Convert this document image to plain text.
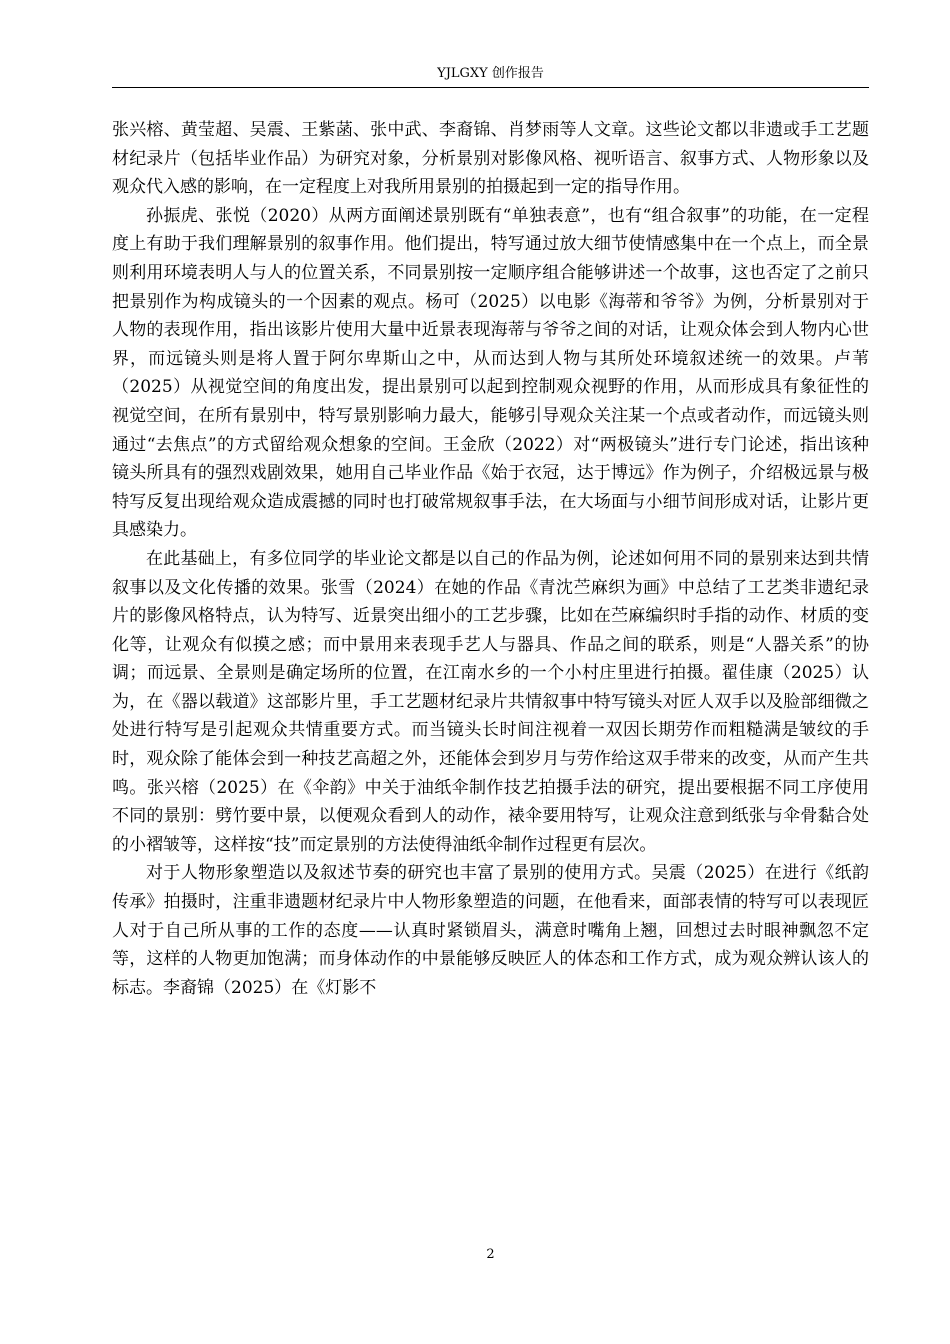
YJLGXY 创作报告

张兴榕、黄莹超、吴震、王紫菡、张中武、李裔锦、肖梦雨等人文章。这些论文都以非遗或手工艺题材纪录片（包括毕业作品）为研究对象，分析景别对影像风格、视听语言、叙事方式、人物形象以及观众代入感的影响，在一定程度上对我所用景别的拍摄起到一定的指导作用。

孙振虎、张悦（2020）从两方面阐述景别既有“单独表意”，也有“组合叙事”的功能，在一定程度上有助于我们理解景别的叙事作用。他们提出，特写通过放大细节使情感集中在一个点上，而全景则利用环境表明人与人的位置关系，不同景别按一定顺序组合能够讲述一个故事，这也否定了之前只把景别作为构成镜头的一个因素的观点。杨可（2025）以电影《海蒂和爷爷》为例，分析景别对于人物的表现作用，指出该影片使用大量中近景表现海蒂与爷爷之间的对话，让观众体会到人物内心世界，而远镜头则是将人置于阿尔卑斯山之中，从而达到人物与其所处环境叙述统一的效果。卢苇（2025）从视觉空间的角度出发，提出景别可以起到控制观众视野的作用，从而形成具有象征性的视觉空间，在所有景别中，特写景别影响力最大，能够引导观众关注某一个点或者动作，而远镜头则通过“去焦点”的方式留给观众想象的空间。王金欣（2022）对“两极镜头”进行专门论述，指出该种镜头所具有的强烈戏剧效果，她用自己毕业作品《始于衣冠，达于博远》作为例子，介绍极远景与极特写反复出现给观众造成震撼的同时也打破常规叙事手法，在大场面与小细节间形成对话，让影片更具感染力。

在此基础上，有多位同学的毕业论文都是以自己的作品为例，论述如何用不同的景别来达到共情叙事以及文化传播的效果。张雪（2024）在她的作品《青沈苎麻织为画》中总结了工艺类非遗纪录片的影像风格特点，认为特写、近景突出细小的工艺步骤，比如在苎麻编织时手指的动作、材质的变化等，让观众有似摸之感；而中景用来表现手艺人与器具、作品之间的联系，则是“人器关系”的协调；而远景、全景则是确定场所的位置，在江南水乡的一个小村庄里进行拍摄。翟佳康（2025）认为，在《器以载道》这部影片里，手工艺题材纪录片共情叙事中特写镜头对匠人双手以及脸部细微之处进行特写是引起观众共情重要方式。而当镜头长时间注视着一双因长期劳作而粗糙满是皱纹的手时，观众除了能体会到一种技艺高超之外，还能体会到岁月与劳作给这双手带来的改变，从而产生共鸣。张兴榕（2025）在《伞韵》中关于油纸伞制作技艺拍摄手法的研究，提出要根据不同工序使用不同的景别：劈竹要中景，以便观众看到人的动作，裱伞要用特写，让观众注意到纸张与伞骨黏合处的小褶皱等，这样按“技”而定景别的方法使得油纸伞制作过程更有层次。

对于人物形象塑造以及叙述节奏的研究也丰富了景别的使用方式。吴震（2025）在进行《纸韵传承》拍摄时，注重非遗题材纪录片中人物形象塑造的问题，在他看来，面部表情的特写可以表现匠人对于自己所从事的工作的态度——认真时紧锁眉头，满意时嘴角上翘，回想过去时眼神飘忽不定等，这样的人物更加饱满；而身体动作的中景能够反映匠人的体态和工作方式，成为观众辨认该人的标志。李裔锦（2025）在《灯影不

2
